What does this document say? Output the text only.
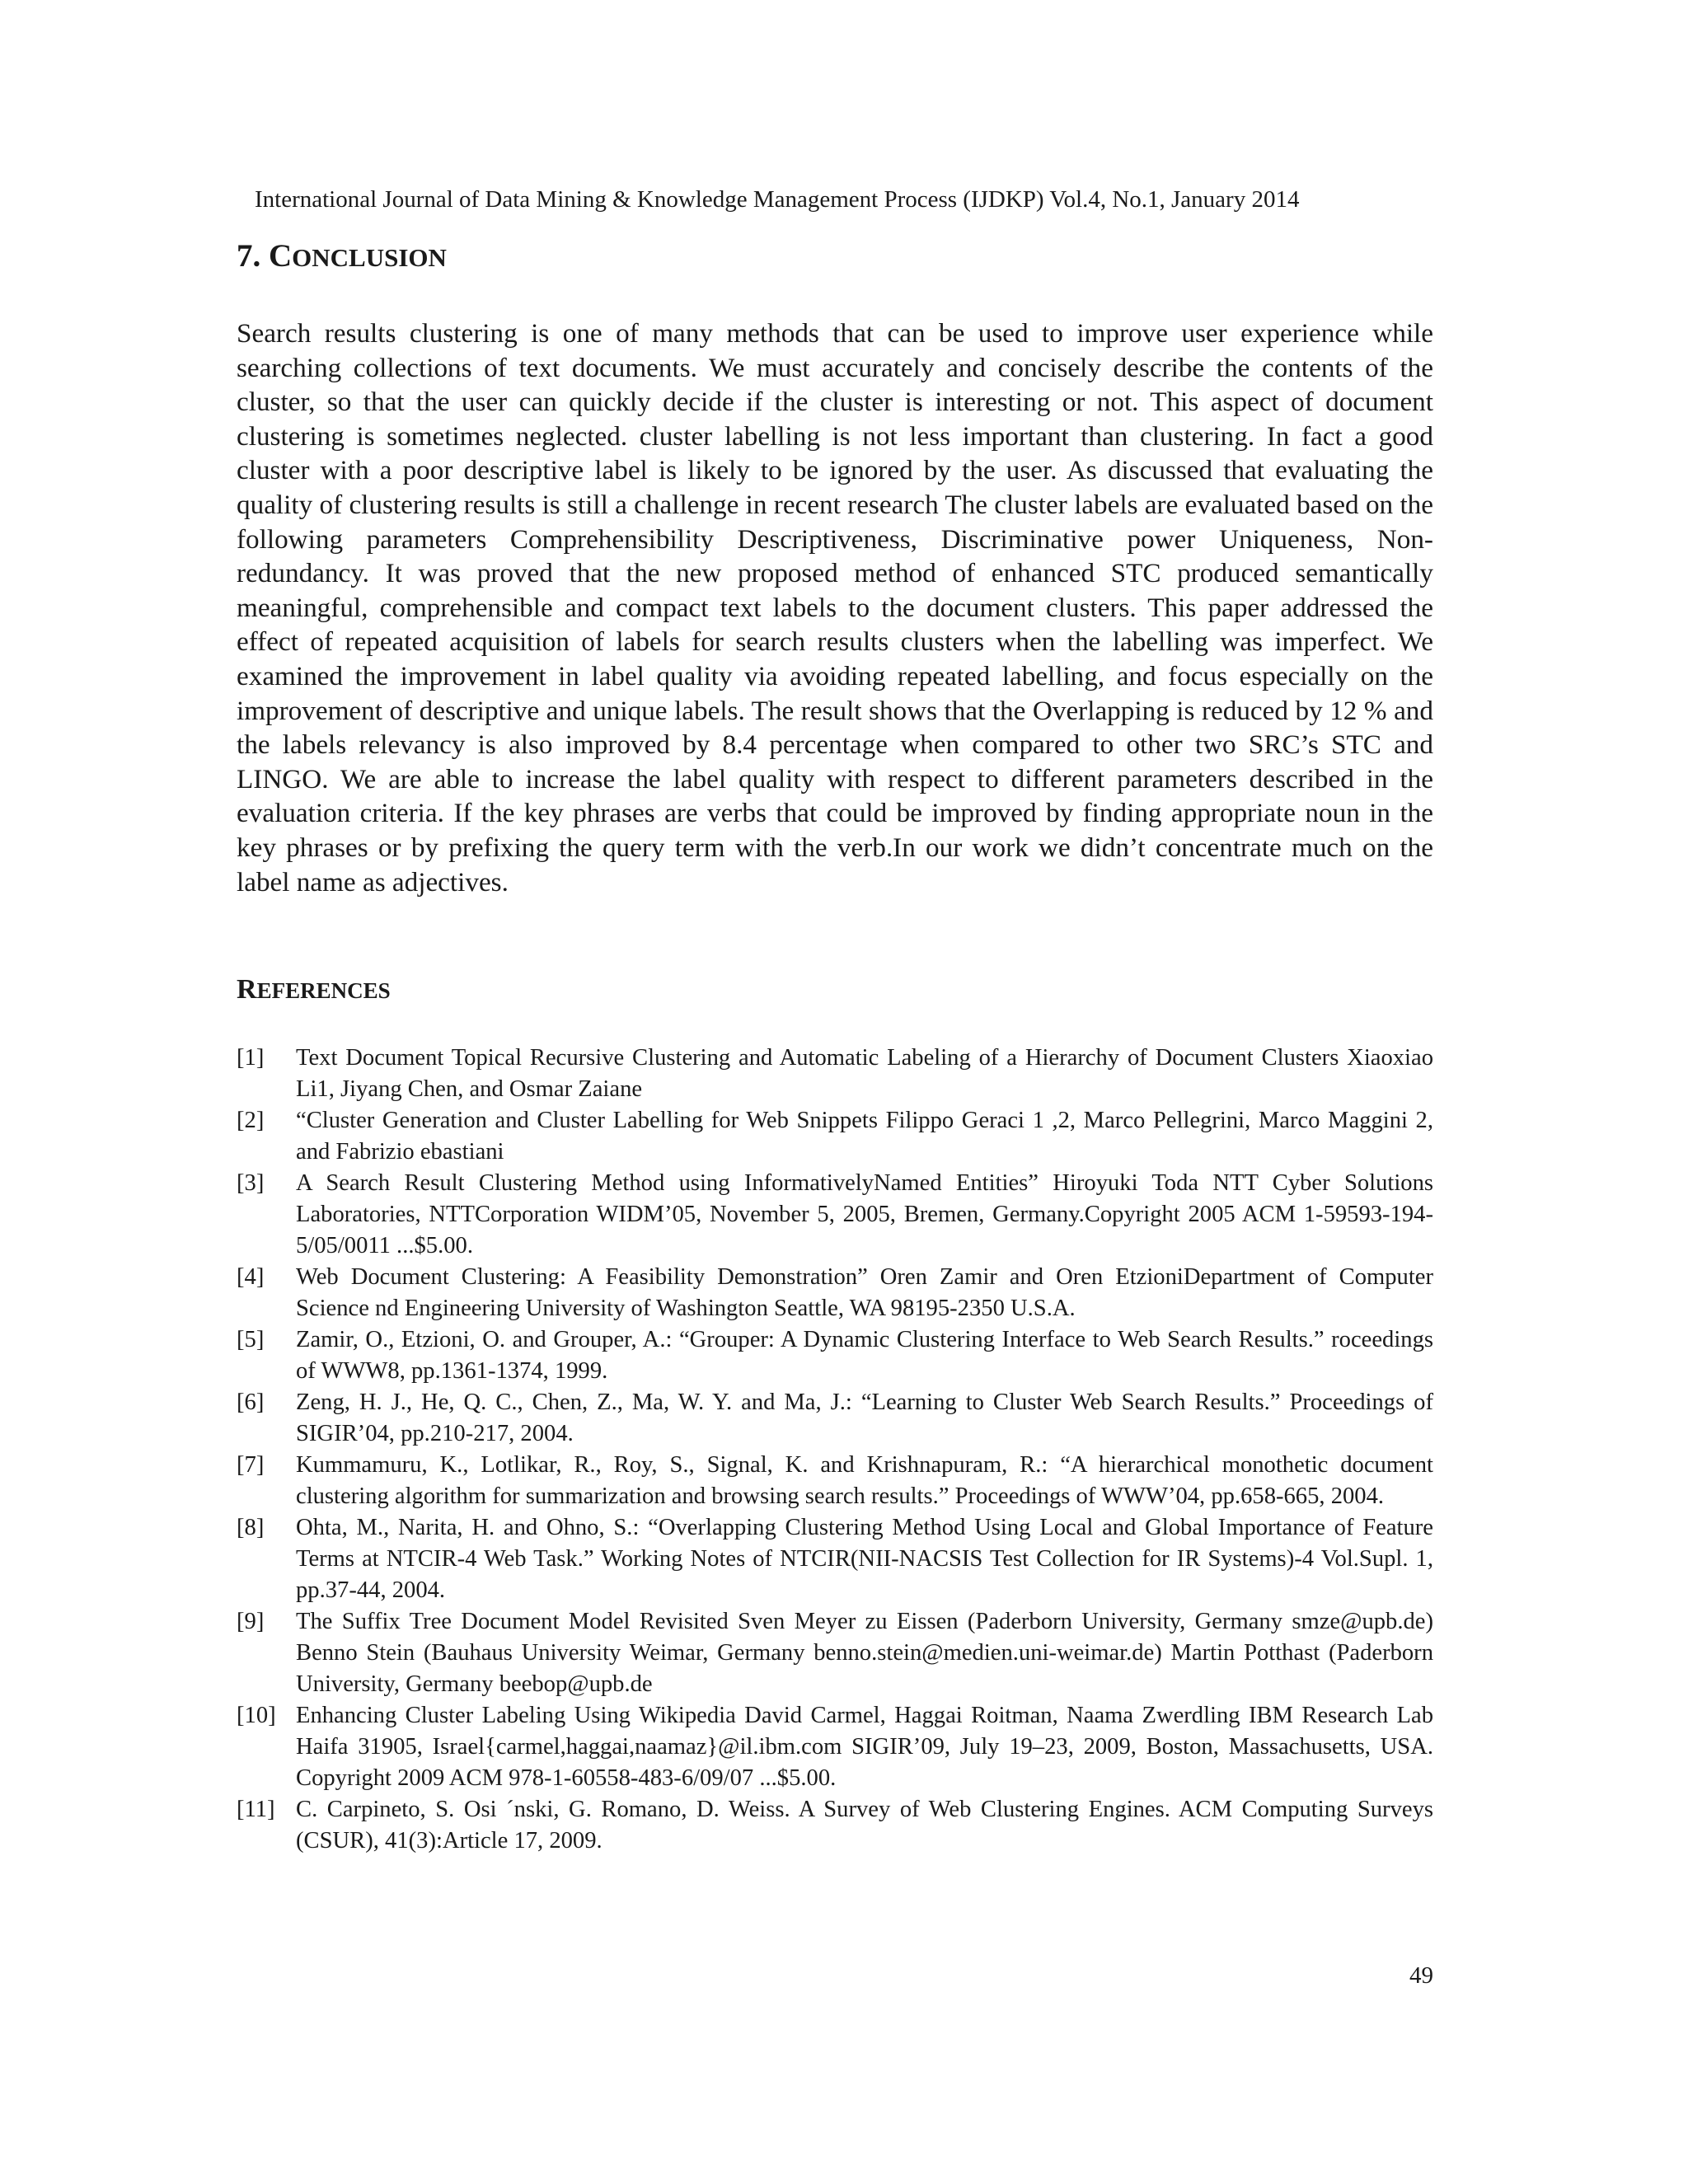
International Journal of Data Mining & Knowledge Management Process (IJDKP) Vol.4, No.1, January 2014
7. CONCLUSION

Search results clustering is one of many methods that can be used to improve user experience while searching collections of text documents. We must accurately and concisely describe the contents of the cluster, so that the user can quickly decide if the cluster is interesting or not. This aspect of document clustering is sometimes neglected. cluster labelling is not less important than clustering. In fact a good cluster with a poor descriptive label is likely to be ignored by the user. As discussed that evaluating the quality of clustering results is still a challenge in recent research The cluster labels are evaluated based on the following parameters Comprehensibility Descriptiveness, Discriminative power Uniqueness, Non-redundancy. It was proved that the new proposed method of enhanced STC produced semantically meaningful, comprehensible and compact text labels to the document clusters. This paper addressed the effect of repeated acquisition of labels for search results clusters when the labelling was imperfect. We examined the improvement in label quality via avoiding repeated labelling, and focus especially on the improvement of descriptive and unique labels. The result shows that the Overlapping is reduced by 12 % and the labels relevancy is also improved by 8.4 percentage when compared to other two SRC’s STC and LINGO. We are able to increase the label quality with respect to different parameters described in the evaluation criteria. If the key phrases are verbs that could be improved by finding appropriate noun in the key phrases or by prefixing the query term with the verb.In our work we didn’t concentrate much on the label name as adjectives.

REFERENCES
[1]	Text Document Topical Recursive Clustering and Automatic Labeling of a Hierarchy of Document Clusters Xiaoxiao Li1, Jiyang Chen, and Osmar Zaiane
[2]	“Cluster Generation and Cluster Labelling for Web Snippets Filippo Geraci 1 ,2, Marco Pellegrini, Marco Maggini 2, and Fabrizio ebastiani
[3]	A Search Result Clustering Method using InformativelyNamed Entities” Hiroyuki Toda NTT Cyber Solutions Laboratories, NTTCorporation WIDM’05, November 5, 2005, Bremen, Germany.Copyright 2005 ACM 1-59593-194-5/05/0011 ...$5.00.
[4]	Web Document Clustering: A Feasibility Demonstration” Oren Zamir and Oren EtzioniDepartment of Computer Science nd Engineering University of Washington Seattle, WA 98195-2350 U.S.A.
[5]	Zamir, O., Etzioni, O. and Grouper, A.: “Grouper: A Dynamic Clustering Interface to Web Search Results.” roceedings of WWW8, pp.1361-1374, 1999.
[6]	Zeng, H. J., He, Q. C., Chen, Z., Ma, W. Y. and Ma, J.: “Learning to Cluster Web Search Results.” Proceedings of SIGIR’04, pp.210-217, 2004.
[7]	Kummamuru, K., Lotlikar, R., Roy, S., Signal, K. and Krishnapuram, R.: “A hierarchical monothetic document clustering algorithm for summarization and browsing search results.” Proceedings of WWW’04, pp.658-665, 2004.
[8]	Ohta, M., Narita, H. and Ohno, S.: “Overlapping Clustering Method Using Local and Global Importance of Feature Terms at NTCIR-4 Web Task.” Working Notes of NTCIR(NII-NACSIS Test Collection for IR Systems)-4 Vol.Supl. 1, pp.37-44, 2004.
[9]	The Suffix Tree Document Model Revisited Sven Meyer zu Eissen (Paderborn University, Germany smze@upb.de) Benno Stein (Bauhaus University Weimar, Germany benno.stein@medien.uni-weimar.de) Martin Potthast (Paderborn University, Germany beebop@upb.de
[10] Enhancing Cluster Labeling Using Wikipedia David Carmel, Haggai Roitman, Naama Zwerdling IBM Research Lab Haifa 31905, Israel{carmel,haggai,naamaz}@il.ibm.com SIGIR’09, July 19–23, 2009, Boston, Massachusetts, USA. Copyright 2009 ACM 978-1-60558-483-6/09/07 ...$5.00.
[11] C. Carpineto, S. Osi ´nski, G. Romano, D. Weiss. A Survey of Web Clustering Engines. ACM Computing Surveys (CSUR), 41(3):Article 17, 2009.
49
